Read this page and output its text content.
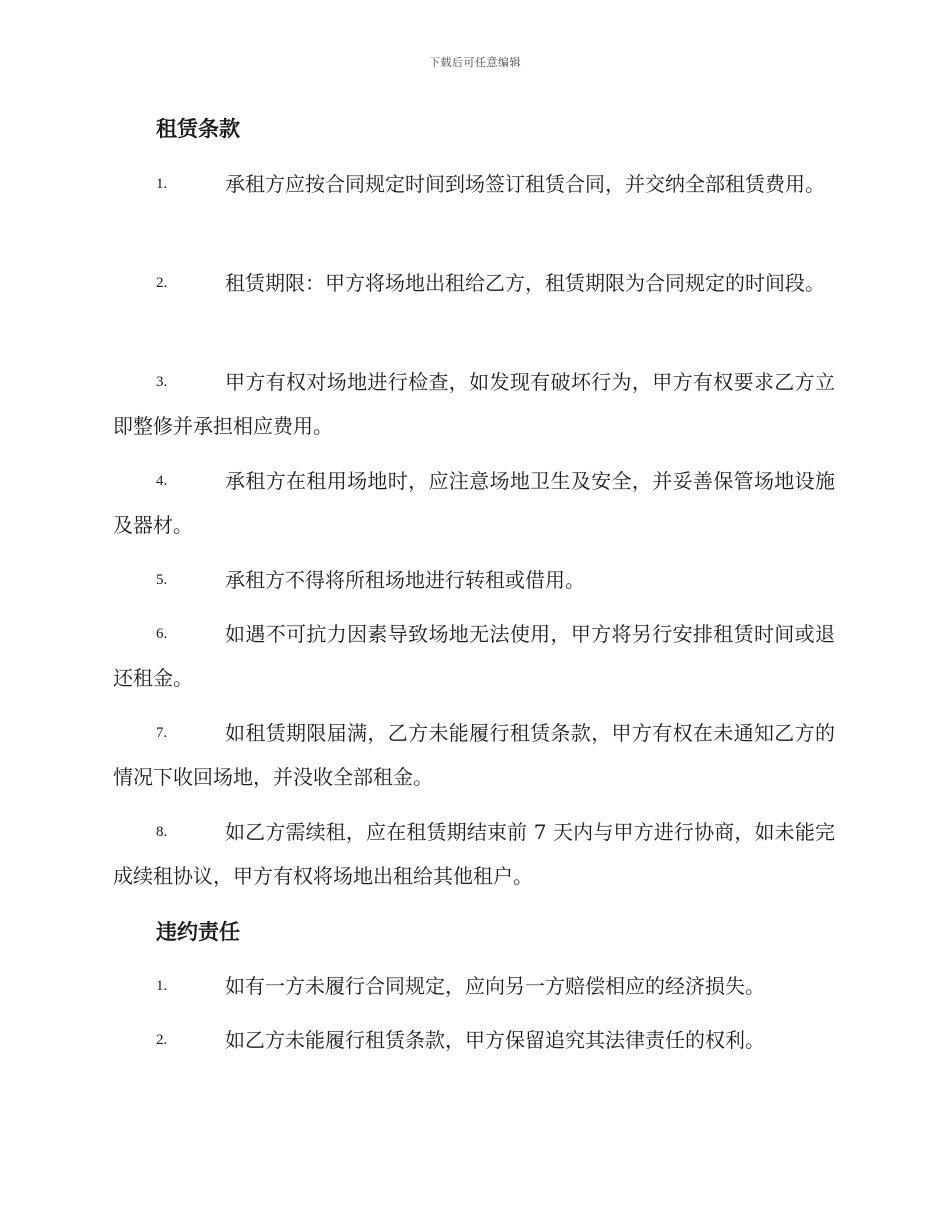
下载后可任意编辑
租赁条款
1.	承租方应按合同规定时间到场签订租赁合同，并交纳全部租赁费用。
2.	租赁期限：甲方将场地出租给乙方，租赁期限为合同规定的时间段。
3.	甲方有权对场地进行检查，如发现有破坏行为，甲方有权要求乙方立即整修并承担相应费用。
4.	承租方在租用场地时，应注意场地卫生及安全，并妥善保管场地设施及器材。
5.	承租方不得将所租场地进行转租或借用。
6.	如遇不可抗力因素导致场地无法使用，甲方将另行安排租赁时间或退还租金。
7.	如租赁期限届满，乙方未能履行租赁条款，甲方有权在未通知乙方的情况下收回场地，并没收全部租金。
8.	如乙方需续租，应在租赁期结束前 7 天内与甲方进行协商，如未能完成续租协议，甲方有权将场地出租给其他租户。
违约责任
1.	如有一方未履行合同规定，应向另一方赔偿相应的经济损失。
2.	如乙方未能履行租赁条款，甲方保留追究其法律责任的权利。
